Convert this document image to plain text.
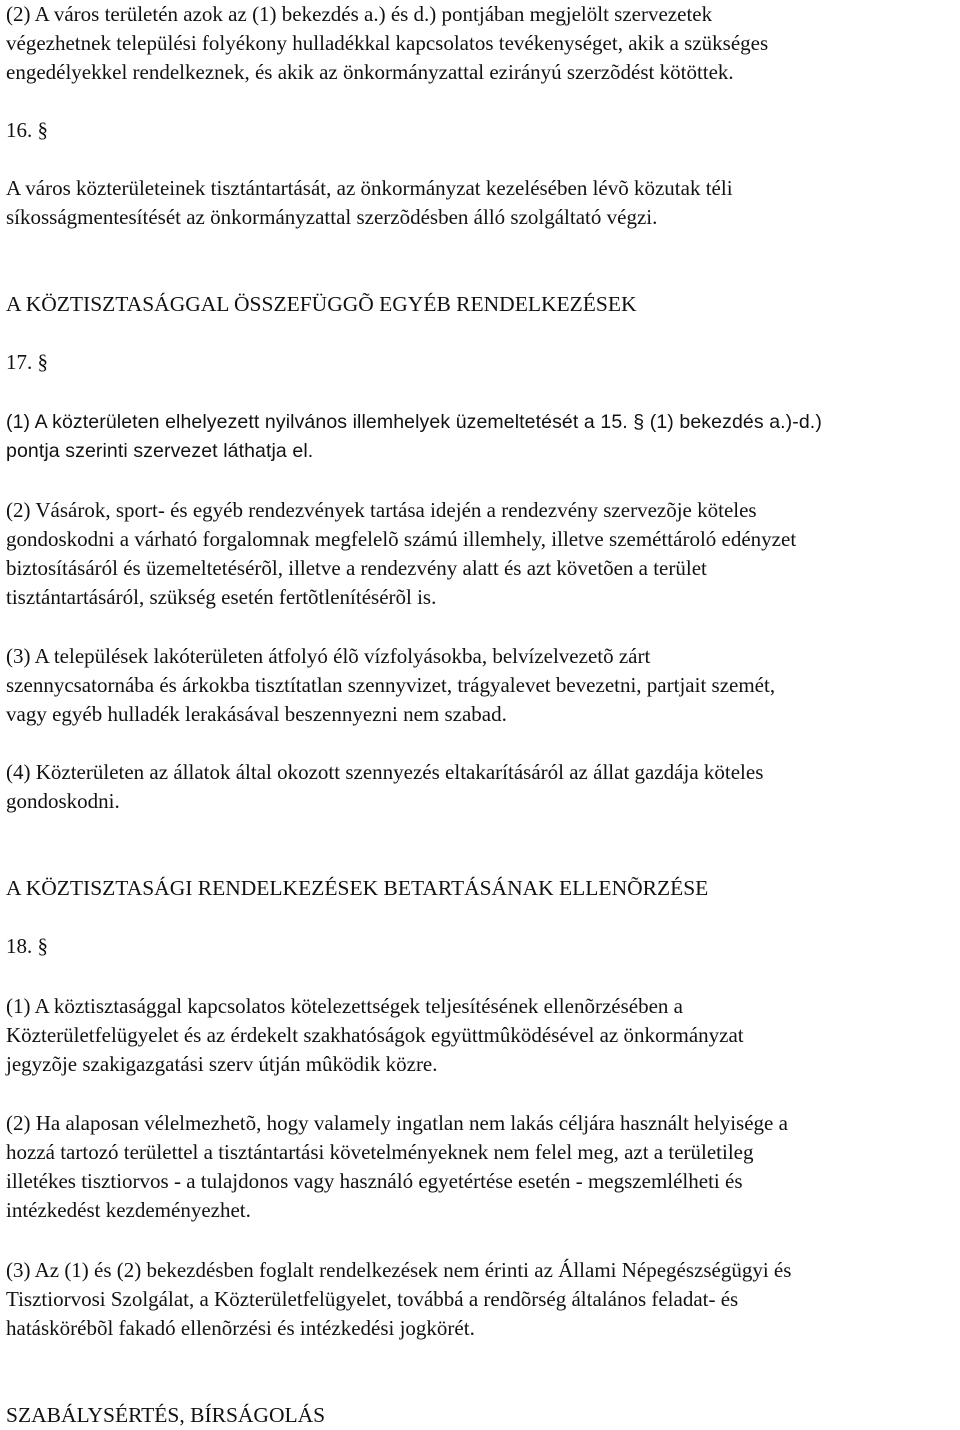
(2) A város területén azok az (1) bekezdés a.) és d.) pontjában megjelölt szervezetek
végezhetnek települési folyékony hulladékkal kapcsolatos tevékenységet, akik a szükséges
engedélyekkel rendelkeznek, és akik az önkormányzattal ezirányú szerzõdést kötöttek.
16. §
A város közterületeinek tisztántartását, az önkormányzat kezelésében lévõ közutak téli
síkosságmentesítését az önkormányzattal szerzõdésben álló szolgáltató végzi.
A KÖZTISZTASÁGGAL ÖSSZEFÜGGÕ EGYÉB RENDELKEZÉSEK
17. §
(1) A közterületen elhelyezett nyilvános illemhelyek üzemeltetését a 15. § (1) bekezdés a.)-d.)
pontja szerinti szervezet láthatja el.
(2) Vásárok, sport- és egyéb rendezvények tartása idején a rendezvény szervezõje köteles
gondoskodni a várható forgalomnak megfelelõ számú illemhely, illetve szeméttároló edényzet
biztosításáról és üzemeltetésérõl, illetve a rendezvény alatt és azt követõen a terület
tisztántartásáról, szükség esetén fertõtlenítésérõl is.
(3) A települések lakóterületen átfolyó élõ vízfolyásokba, belvízelvezetõ zárt
szennycsatornába és árkokba tisztítatlan szennyvizet, trágyalevet bevezetni, partjait szemét,
vagy egyéb hulladék lerakásával beszennyezni nem szabad.
(4) Közterületen az állatok által okozott szennyezés eltakarításáról az állat gazdája köteles
gondoskodni.
A KÖZTISZTASÁGI RENDELKEZÉSEK BETARTÁSÁNAK ELLENÕRZÉSE
18. §
(1) A köztisztasággal kapcsolatos kötelezettségek teljesítésének ellenõrzésében a
Közterületfelügyelet és az érdekelt szakhatóságok együttmûködésével az önkormányzat
jegyzõje szakigazgatási szerv útján mûködik közre.
(2) Ha alaposan vélelmezhetõ, hogy valamely ingatlan nem lakás céljára használt helyisége a
hozzá tartozó területtel a tisztántartási követelményeknek nem felel meg, azt a területileg
illetékes tisztiorvos - a tulajdonos vagy használó egyetértése esetén - megszemlélheti és
intézkedést kezdeményezhet.
(3) Az (1) és (2) bekezdésben foglalt rendelkezések nem érinti az Állami Népegészségügyi és
Tisztiorvosi Szolgálat, a Közterületfelügyelet, továbbá a rendõrség általános feladat- és
hatáskörébõl fakadó ellenõrzési és intézkedési jogkörét.
SZABÁLYSÉRTÉS, BÍRSÁGOLÁS
